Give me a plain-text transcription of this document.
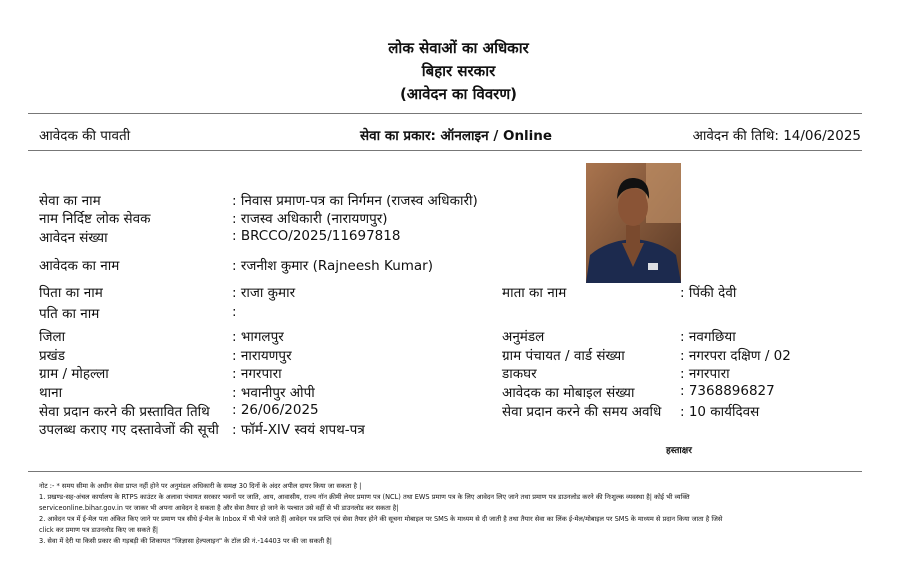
लोक सेवाओं का अधिकार
बिहार सरकार
(आवेदन का विवरण)
आवेदक की पावती	सेवा का प्रकार: ऑनलाइन / Online	आवेदन की तिथि: 14/06/2025
सेवा का नाम	: निवास प्रमाण-पत्र का निर्गमन (राजस्व अधिकारी)
नाम निर्दिष्ट लोक सेवक	: राजस्व अधिकारी (नारायणपुर)
आवेदन संख्या	: BRCCO/2025/11697818
आवेदक का नाम	: रजनीश कुमार (Rajneesh Kumar)
पिता का नाम	: राजा कुमार	माता का नाम	: पिंकी देवी
पति का नाम	:
जिला	: भागलपुर	अनुमंडल	: नवगछिया
प्रखंड	: नारायणपुर	ग्राम पंचायत / वार्ड संख्या	: नगरपरा दक्षिण / 02
ग्राम / मोहल्ला	: नगरपारा	डाकघर	: नगरपारा
थाना	: भवानीपुर ओपी	आवेदक का मोबाइल संख्या	: 7368896827
सेवा प्रदान करने की प्रस्तावित तिथि : 26/06/2025	सेवा प्रदान करने की समय अवधि : 10 कार्यदिवस
उपलब्ध कराए गए दस्तावेजों की सूची : फॉर्म-XIV स्वयं शपथ-पत्र
हस्ताक्षर
नोट :- * समय सीमा के अधीन सेवा प्राप्त नहीं होने पर अनुमंडल अधिकारी के समक्ष 30 दिनों के अंदर अपील दायर किया जा सकता है |
1. प्रखण्ड-सह-अंचल कार्यालय के RTPS काउंटर के अलावा पंचायत सरकार भवनों पर जाति, आय, आवासीय, राज्य नॉन क्रीमी लेयर प्रमाण पत्र (NCL) तथा EWS प्रमाण पत्र के लिए आवेदन लिए जाने तथा प्रमाण पत्र डाउनलोड करने की निःशुल्क व्यवस्था है| कोई भी व्यक्ति
serviceonline.bihar.gov.in पर जाकर भी अपना आवेदन दे सकता है और सेवा तैयार हो जाने के पश्चात उसे वहीं से भी डाउनलोड कर सकता है|
2. आवेदन पत्र में ई-मेल पता अंकित किए जाने पर प्रमाण पत्र सीधे ई-मेल के Inbox में भी भेजे जाते हैं| आवेदन पत्र प्राप्ति एवं सेवा तैयार होने की सूचना मोबाइल पर SMS के माध्यम से दी जाती है तथा तैयार सेवा का लिंक ई-मेल/मोबाइल पर SMS के माध्यम से प्रदान किया जाता है जिसे
click कर प्रमाण पत्र डाउनलोड किए जा सकते हैं|
3. सेवा में देरी या किसी प्रकार की गड़बड़ी की शिकायत "जिज्ञासा हेल्पलाइन" के टॉल फ्री नं.-14403 पर की जा सकती है|
